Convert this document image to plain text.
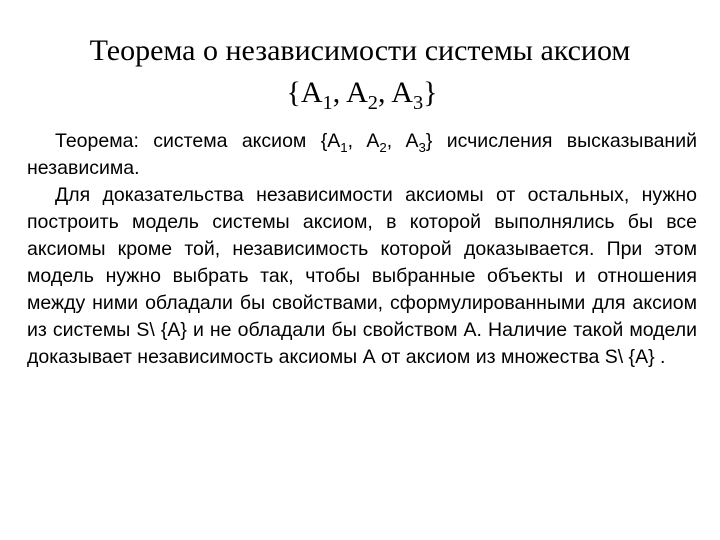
Теорема о независимости системы аксиом
{$A_1$, $A_2$, $A_3$}

Теорема: система аксиом {$A_1$, $A_2$, $A_3$} исчисления высказываний независима.

Для доказательства независимости аксиомы от остальных, нужно построить модель системы аксиом, в которой выполнялись бы все аксиомы кроме той, независимость которой доказывается. При этом модель нужно выбрать так, чтобы выбранные объекты и отношения между ними обладали бы свойствами, сформулированными для аксиом из системы S\ {A} и не обладали бы свойством А. Наличие такой модели доказывает независимость аксиомы А от аксиом из множества S\ {A} .
